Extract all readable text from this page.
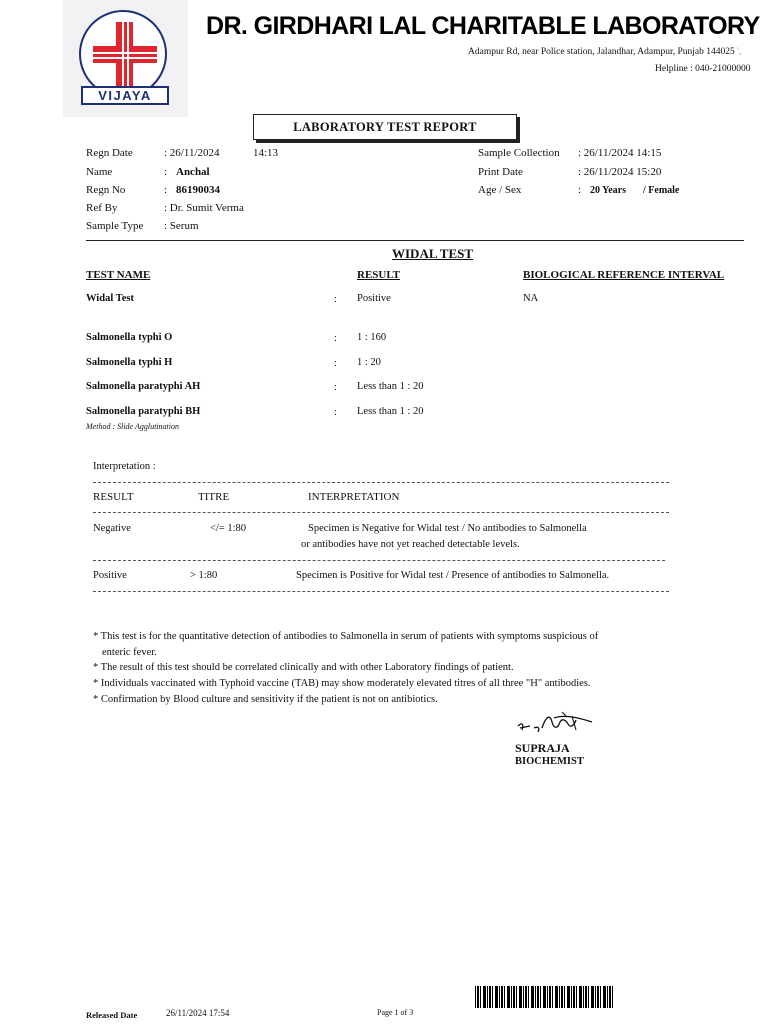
VIJAYA
DR. GIRDHARI LAL CHARITABLE LABORATORY
Adampur Rd, near Police station, Jalandhar, Adampur, Punjab 144025 ',
Helpline : 040-21000000
LABORATORY TEST REPORT
Regn Date	: 26/11/2024	14:13
Name	: Anchal
Regn No	: 86190034
Ref By	: Dr. Sumit Verma
Sample Type : Serum
Sample Collection : 26/11/2024 14:15
Print Date	: 26/11/2024 15:20
Age / Sex	: 20 Years / Female
WIDAL TEST
TEST NAME	RESULT	BIOLOGICAL REFERENCE INTERVAL
Widal Test	: Positive	NA
Salmonella typhi O	: 1 : 160
Salmonella typhi H	: 1 : 20
Salmonella paratyphi AH	: Less than 1 : 20
Salmonella paratyphi BH	: Less than 1 : 20
Method : Slide Agglutination
Interpretation :
RESULT	TITRE	INTERPRETATION
Negative	</= 1:80	Specimen is Negative for Widal test / No antibodies to Salmonella
or antibodies have not yet reached detectable levels.
Positive	> 1:80	Specimen is Positive for Widal test / Presence of antibodies to Salmonella.
* This test is for the quantitative detection of antibodies to Salmonella in serum of patients with symptoms suspicious of
enteric fever.
* The result of this test should be correlated clinically and with other Laboratory findings of patient.
* Individuals vaccinated with Typhoid vaccine (TAB) may show moderately elevated titres of all three "H" antibodies.
* Confirmation by Blood culture and sensitivity if the patient is not on antibiotics.
SUPRAJA
BIOCHEMIST
Released Date	26/11/2024 17:54	Page 1 of 3
